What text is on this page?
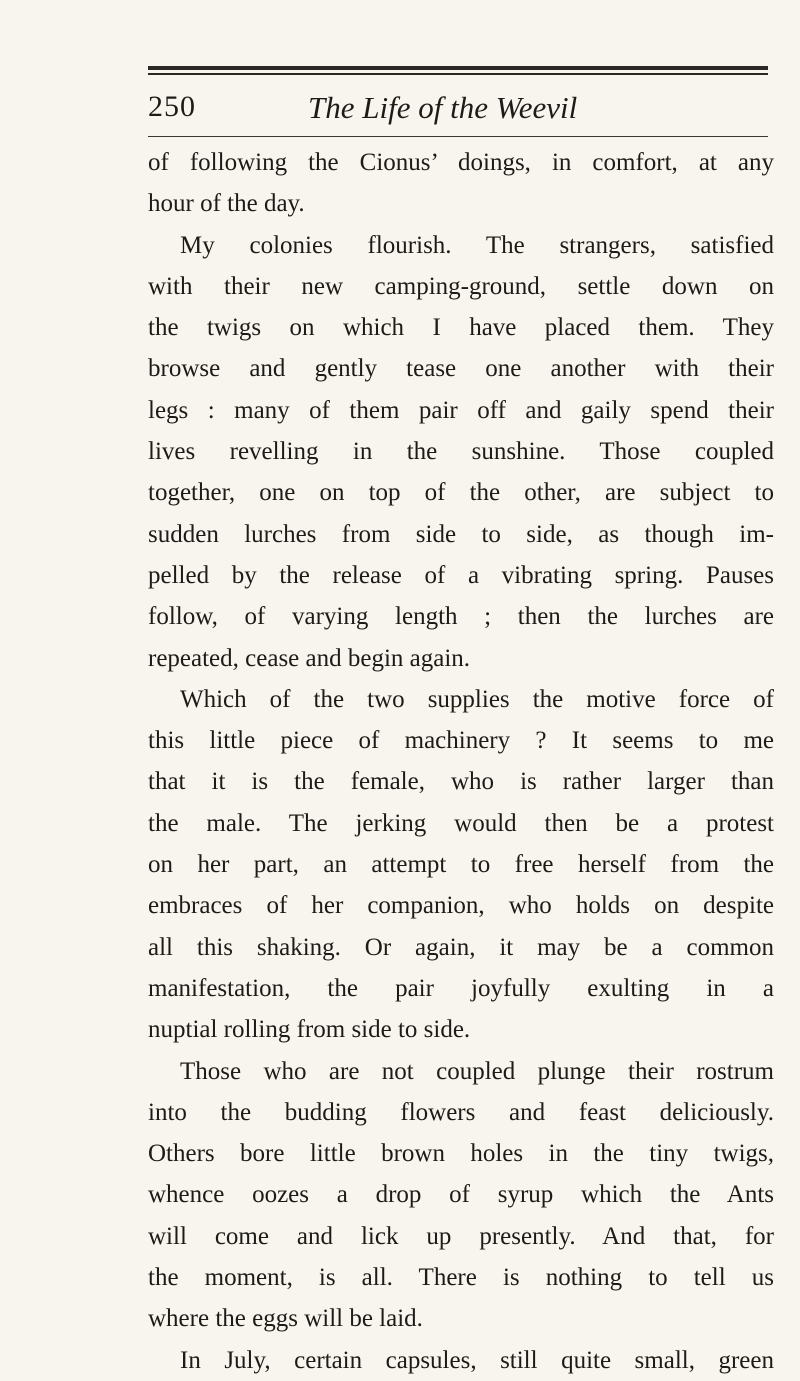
250	The Life of the Weevil
of following the Cionus’ doings, in comfort, at any
hour of the day.
My colonies flourish. The strangers, satisfied
with their new camping-ground, settle down on
the twigs on which I have placed them. They
browse and gently tease one another with their
legs : many of them pair off and gaily spend their
lives revelling in the sunshine. Those coupled
together, one on top of the other, are subject to
sudden lurches from side to side, as though im-
pelled by the release of a vibrating spring. Pauses
follow, of varying length ; then the lurches are
repeated, cease and begin again.
Which of the two supplies the motive force of
this little piece of machinery ? It seems to me
that it is the female, who is rather larger than
the male. The jerking would then be a protest
on her part, an attempt to free herself from the
embraces of her companion, who holds on despite
all this shaking. Or again, it may be a common
manifestation, the pair joyfully exulting in a
nuptial rolling from side to side.
Those who are not coupled plunge their rostrum
into the budding flowers and feast deliciously.
Others bore little brown holes in the tiny twigs,
whence oozes a drop of syrup which the Ants
will come and lick up presently. And that, for
the moment, is all. There is nothing to tell us
where the eggs will be laid.
In July, certain capsules, still quite small, green
